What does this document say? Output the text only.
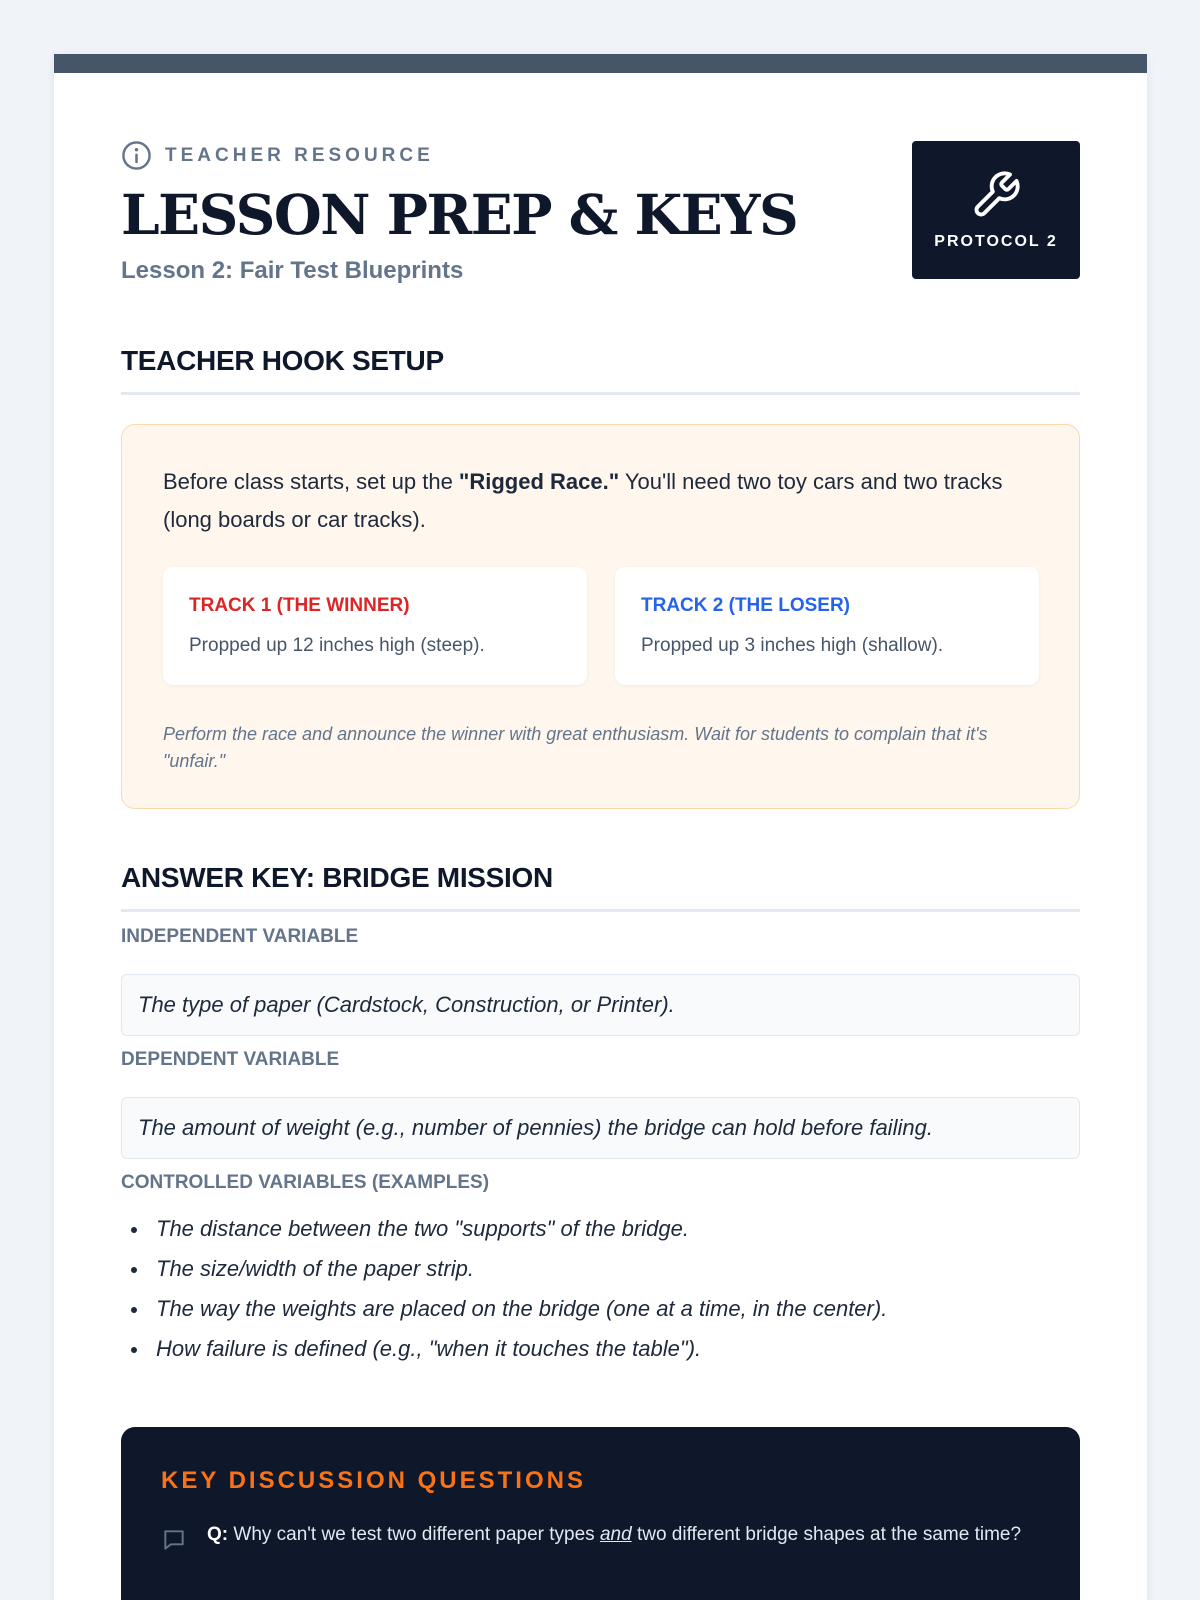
TEACHER RESOURCE
LESSON PREP & KEYS
Lesson 2: Fair Test Blueprints
PROTOCOL 2
TEACHER HOOK SETUP

Before class starts, set up the "Rigged Race." You'll need two toy cars and two tracks (long boards or car tracks).

TRACK 1 (THE WINNER)
Propped up 12 inches high (steep).
TRACK 2 (THE LOSER)
Propped up 3 inches high (shallow).

Perform the race and announce the winner with great enthusiasm. Wait for students to complain that it's "unfair."

ANSWER KEY: BRIDGE MISSION
INDEPENDENT VARIABLE
The type of paper (Cardstock, Construction, or Printer).
DEPENDENT VARIABLE
The amount of weight (e.g., number of pennies) the bridge can hold before failing.
CONTROLLED VARIABLES (EXAMPLES)
The distance between the two "supports" of the bridge.
The size/width of the paper strip.
The way the weights are placed on the bridge (one at a time, in the center).
How failure is defined (e.g., "when it touches the table").
KEY DISCUSSION QUESTIONS

Q: Why can't we test two different paper types and two different bridge shapes at the same time?
